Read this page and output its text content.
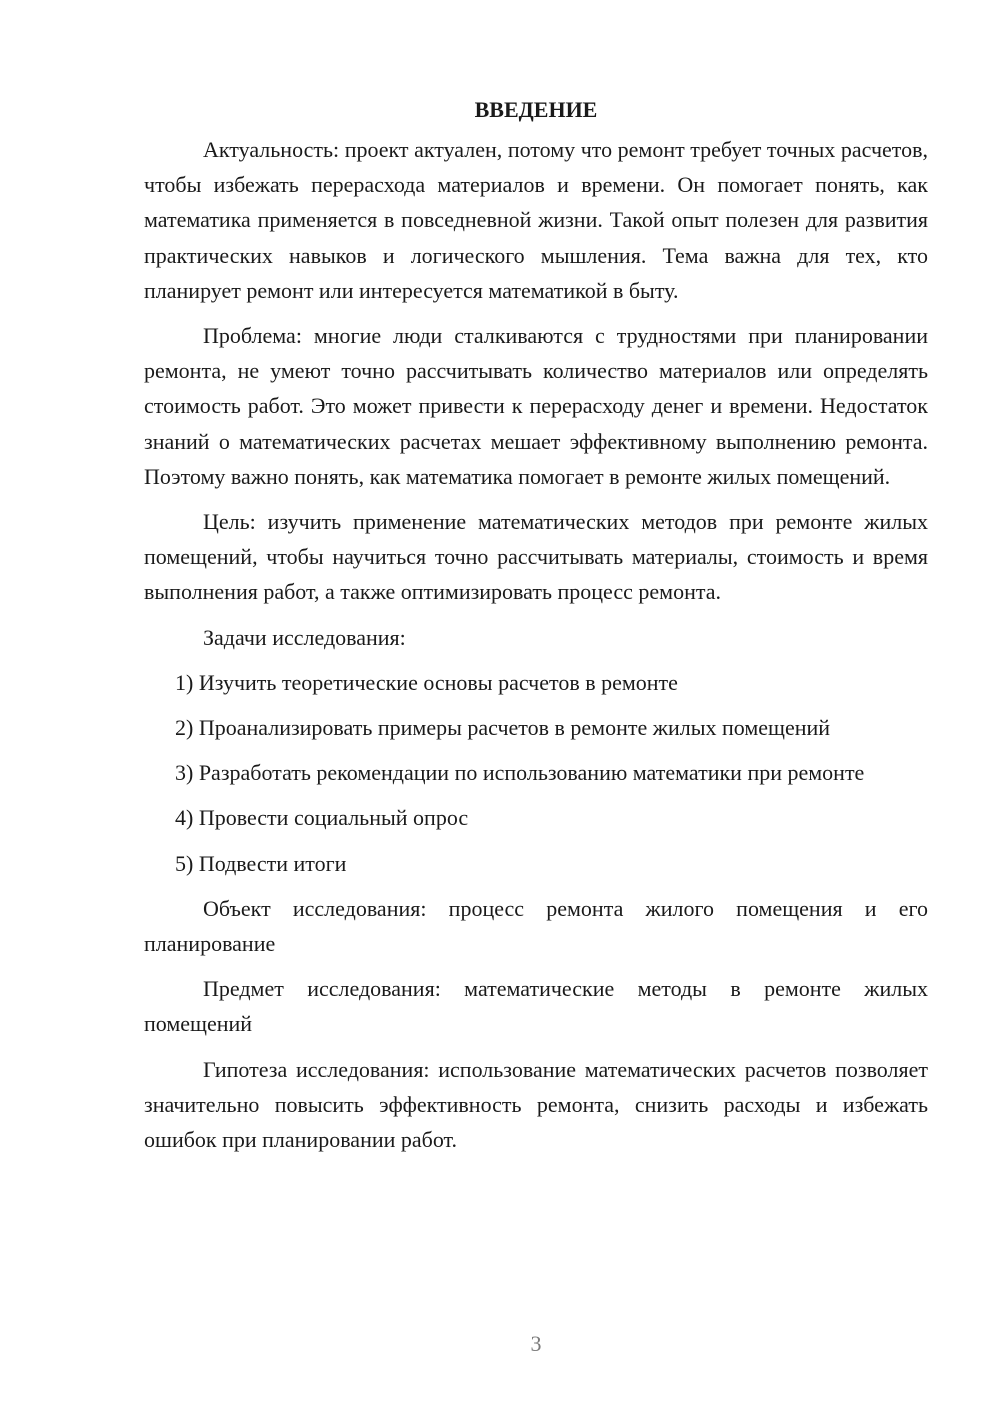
ВВЕДЕНИЕ

Актуальность: проект актуален, потому что ремонт требует точных расчетов, чтобы избежать перерасхода материалов и времени. Он помогает понять, как математика применяется в повседневной жизни. Такой опыт полезен для развития практических навыков и логического мышления. Тема важна для тех, кто планирует ремонт или интересуется математикой в быту.

Проблема: многие люди сталкиваются с трудностями при планировании ремонта, не умеют точно рассчитывать количество материалов или определять стоимость работ. Это может привести к перерасходу денег и времени. Недостаток знаний о математических расчетах мешает эффективному выполнению ремонта. Поэтому важно понять, как математика помогает в ремонте жилых помещений.

Цель: изучить применение математических методов при ремонте жилых помещений, чтобы научиться точно рассчитывать материалы, стоимость и время выполнения работ, а также оптимизировать процесс ремонта.

Задачи исследования:

1) Изучить теоретические основы расчетов в ремонте

2) Проанализировать примеры расчетов в ремонте жилых помещений

3) Разработать рекомендации по использованию математики при ремонте

4) Провести социальный опрос

5) Подвести итоги

Объект исследования: процесс ремонта жилого помещения и его планирование

Предмет исследования: математические методы в ремонте жилых помещений

Гипотеза исследования: использование математических расчетов позволяет значительно повысить эффективность ремонта, снизить расходы и избежать ошибок при планировании работ.

3
